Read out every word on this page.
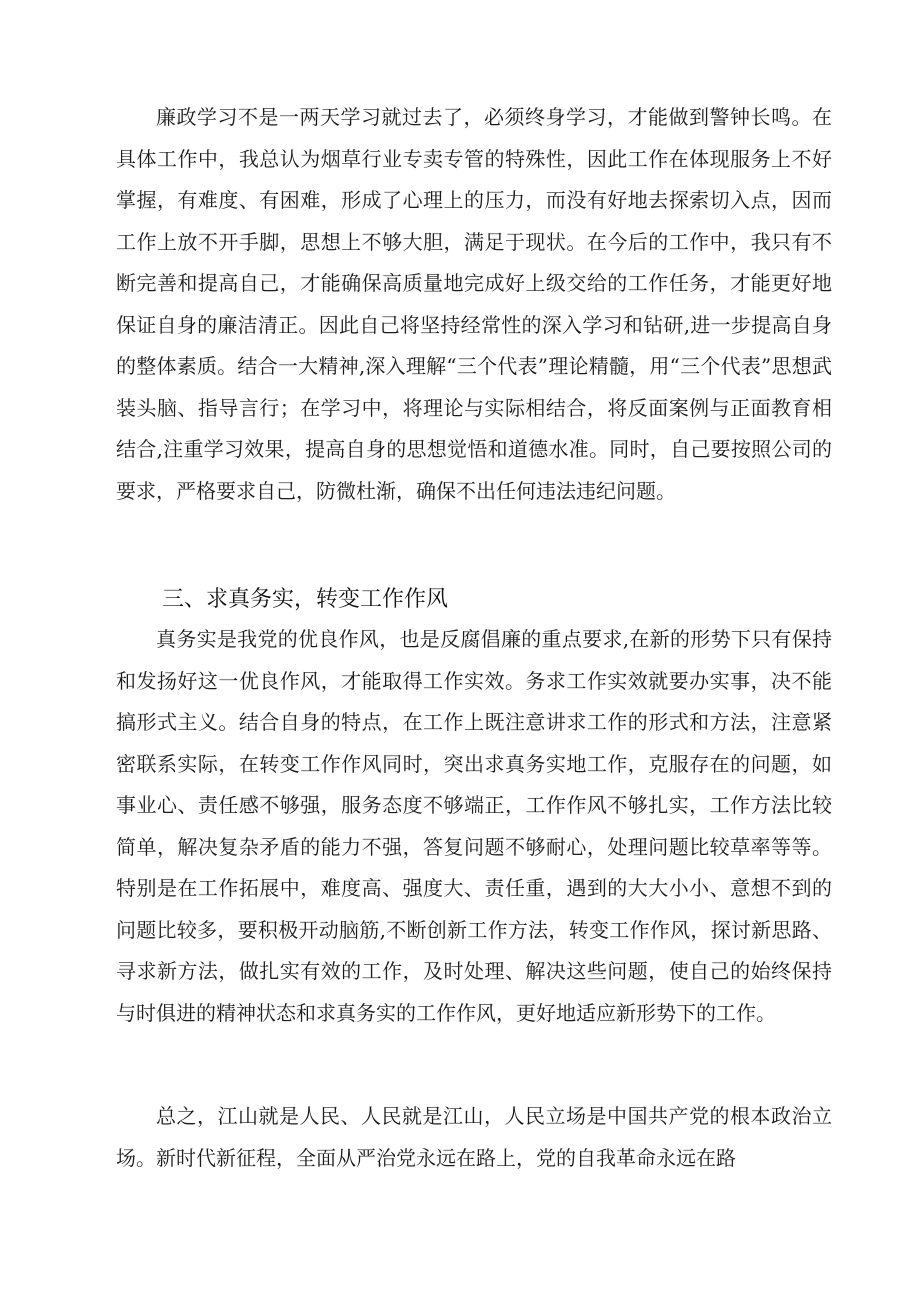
廉政学习不是一两天学习就过去了，必须终身学习，才能做到警钟长鸣。在具体工作中，我总认为烟草行业专卖专管的特殊性，因此工作在体现服务上不好掌握，有难度、有困难，形成了心理上的压力，而没有好地去探索切入点，因而工作上放不开手脚，思想上不够大胆，满足于现状。在今后的工作中，我只有不断完善和提高自己，才能确保高质量地完成好上级交给的工作任务，才能更好地保证自身的廉洁清正。因此自己将坚持经常性的深入学习和钻研,进一步提高自身的整体素质。结合一大精神,深入理解“三个代表”理论精髓，用“三个代表”思想武装头脑、指导言行；在学习中，将理论与实际相结合，将反面案例与正面教育相结合,注重学习效果，提高自身的思想觉悟和道德水准。同时，自己要按照公司的要求，严格要求自己，防微杜渐，确保不出任何违法违纪问题。

三、求真务实，转变工作作风

真务实是我党的优良作风，也是反腐倡廉的重点要求,在新的形势下只有保持和发扬好这一优良作风，才能取得工作实效。务求工作实效就要办实事，决不能搞形式主义。结合自身的特点，在工作上既注意讲求工作的形式和方法，注意紧密联系实际，在转变工作作风同时，突出求真务实地工作，克服存在的问题，如事业心、责任感不够强，服务态度不够端正，工作作风不够扎实，工作方法比较简单，解决复杂矛盾的能力不强，答复问题不够耐心，处理问题比较草率等等。特别是在工作拓展中，难度高、强度大、责任重，遇到的大大小小、意想不到的问题比较多，要积极开动脑筋,不断创新工作方法，转变工作作风，探讨新思路、寻求新方法，做扎实有效的工作，及时处理、解决这些问题，使自己的始终保持与时俱进的精神状态和求真务实的工作作风，更好地适应新形势下的工作。

总之，江山就是人民、人民就是江山，人民立场是中国共产党的根本政治立场。新时代新征程，全面从严治党永远在路上，党的自我革命永远在路
